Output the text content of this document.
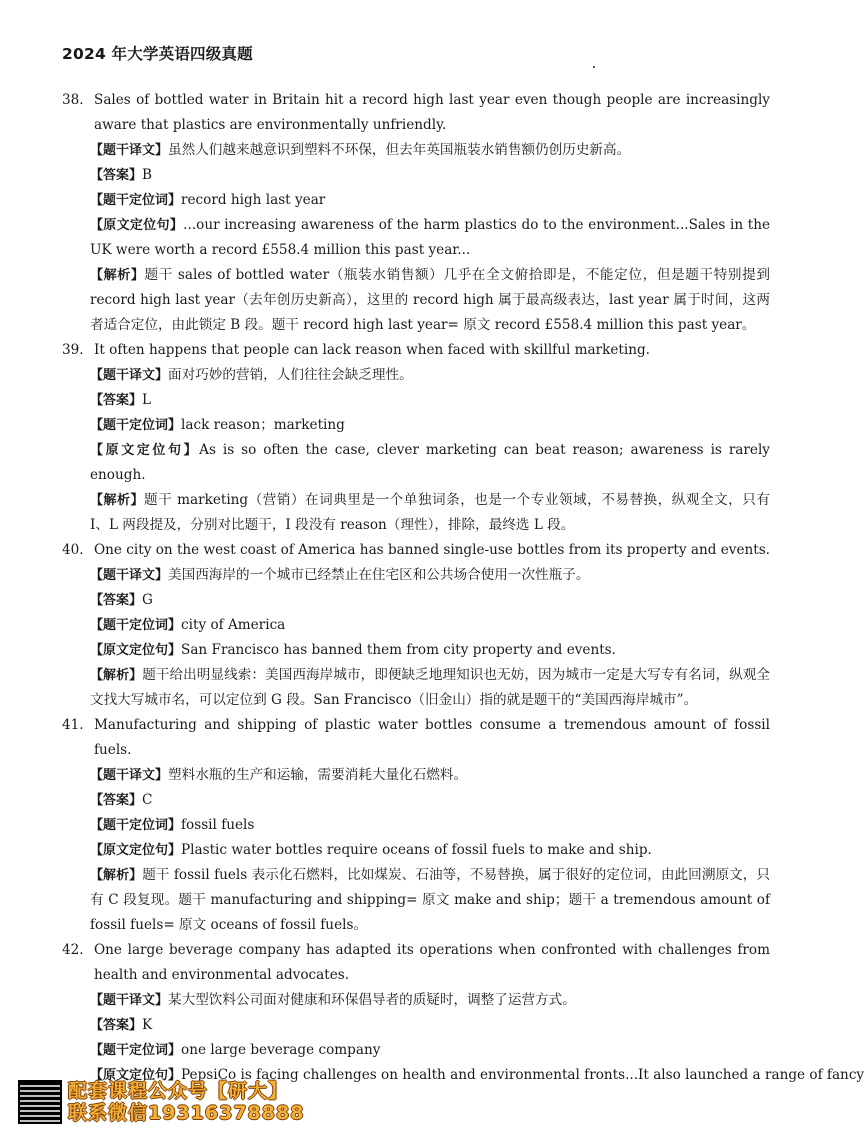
2024 年大学英语四级真题
38. Sales of bottled water in Britain hit a record high last year even though people are increasingly aware that plastics are environmentally unfriendly.
【题干译文】虽然人们越来越意识到塑料不环保，但去年英国瓶装水销售额仍创历史新高。
【答案】B
【题干定位词】record high last year
【原文定位句】...our increasing awareness of the harm plastics do to the environment...Sales in the UK were worth a record £558.4 million this past year...
【解析】题干 sales of bottled water（瓶装水销售额）几乎在全文俯拾即是，不能定位，但是题干特别提到 record high last year（去年创历史新高），这里的 record high 属于最高级表达，last year 属于时间，这两者适合定位，由此锁定 B 段。题干 record high last year= 原文 record £558.4 million this past year。
39. It often happens that people can lack reason when faced with skillful marketing.
【题干译文】面对巧妙的营销，人们往往会缺乏理性。
【答案】L
【题干定位词】lack reason；marketing
【原文定位句】As is so often the case, clever marketing can beat reason; awareness is rarely enough.
【解析】题干 marketing（营销）在词典里是一个单独词条，也是一个专业领域，不易替换，纵观全文，只有 I、L 两段提及，分别对比题干，I 段没有 reason（理性），排除，最终选 L 段。
40. One city on the west coast of America has banned single-use bottles from its property and events.
【题干译文】美国西海岸的一个城市已经禁止在住宅区和公共场合使用一次性瓶子。
【答案】G
【题干定位词】city of America
【原文定位句】San Francisco has banned them from city property and events.
【解析】题干给出明显线索：美国西海岸城市，即便缺乏地理知识也无妨，因为城市一定是大写专有名词，纵观全文找大写城市名，可以定位到 G 段。San Francisco（旧金山）指的就是题干的“美国西海岸城市”。
41. Manufacturing and shipping of plastic water bottles consume a tremendous amount of fossil fuels.
【题干译文】塑料水瓶的生产和运输，需要消耗大量化石燃料。
【答案】C
【题干定位词】fossil fuels
【原文定位句】Plastic water bottles require oceans of fossil fuels to make and ship.
【解析】题干 fossil fuels 表示化石燃料，比如煤炭、石油等，不易替换，属于很好的定位词，由此回溯原文，只有 C 段复现。题干 manufacturing and shipping= 原文 make and ship；题干 a tremendous amount of fossil fuels= 原文 oceans of fossil fuels。
42. One large beverage company has adapted its operations when confronted with challenges from health and environmental advocates.
【题干译文】某大型饮料公司面对健康和环保倡导者的质疑时，调整了运营方式。
【答案】K
【题干定位词】one large beverage company
【原文定位句】PepsiCo is facing challenges on health and environmental fronts...It also launched a range of fancy
配套课程公众号【研大】
联系微信19316378888
